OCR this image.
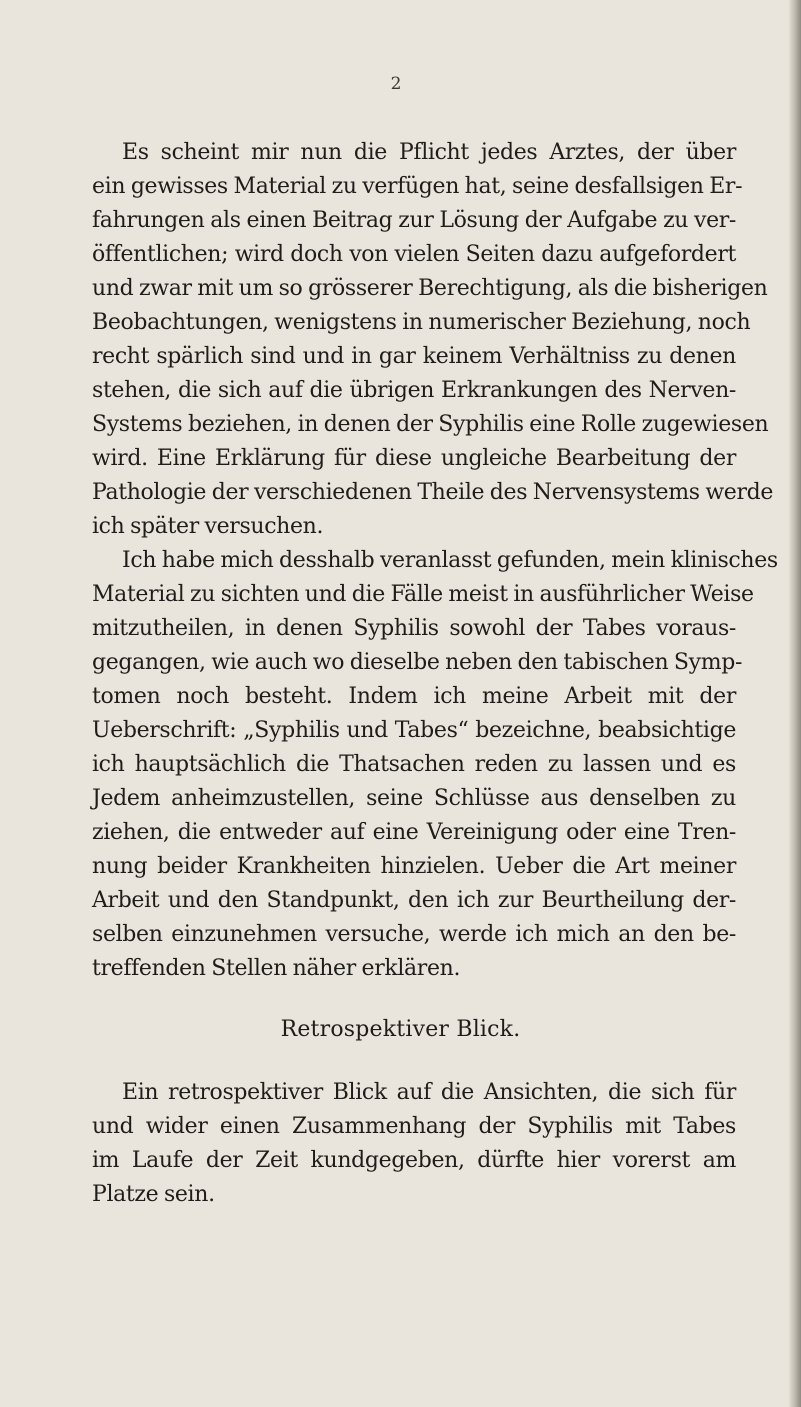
2
Es scheint mir nun die Pflicht jedes Arztes, der über
ein gewisses Material zu verfügen hat, seine desfallsigen Er-
fahrungen als einen Beitrag zur Lösung der Aufgabe zu ver-
öffentlichen; wird doch von vielen Seiten dazu aufgefordert
und zwar mit um so grösserer Berechtigung, als die bisherigen
Beobachtungen, wenigstens in numerischer Beziehung, noch
recht spärlich sind und in gar keinem Verhältniss zu denen
stehen, die sich auf die übrigen Erkrankungen des Nerven-
Systems beziehen, in denen der Syphilis eine Rolle zugewiesen
wird. Eine Erklärung für diese ungleiche Bearbeitung der
Pathologie der verschiedenen Theile des Nervensystems werde
ich später versuchen.
Ich habe mich desshalb veranlasst gefunden, mein klinisches
Material zu sichten und die Fälle meist in ausführlicher Weise
mitzutheilen, in denen Syphilis sowohl der Tabes voraus-
gegangen, wie auch wo dieselbe neben den tabischen Symp-
tomen noch besteht. Indem ich meine Arbeit mit der
Ueberschrift: „Syphilis und Tabes“ bezeichne, beabsichtige
ich hauptsächlich die Thatsachen reden zu lassen und es
Jedem anheimzustellen, seine Schlüsse aus denselben zu
ziehen, die entweder auf eine Vereinigung oder eine Tren-
nung beider Krankheiten hinzielen. Ueber die Art meiner
Arbeit und den Standpunkt, den ich zur Beurtheilung der-
selben einzunehmen versuche, werde ich mich an den be-
treffenden Stellen näher erklären.
Retrospektiver Blick.
Ein retrospektiver Blick auf die Ansichten, die sich für
und wider einen Zusammenhang der Syphilis mit Tabes
im Laufe der Zeit kundgegeben, dürfte hier vorerst am
Platze sein.
